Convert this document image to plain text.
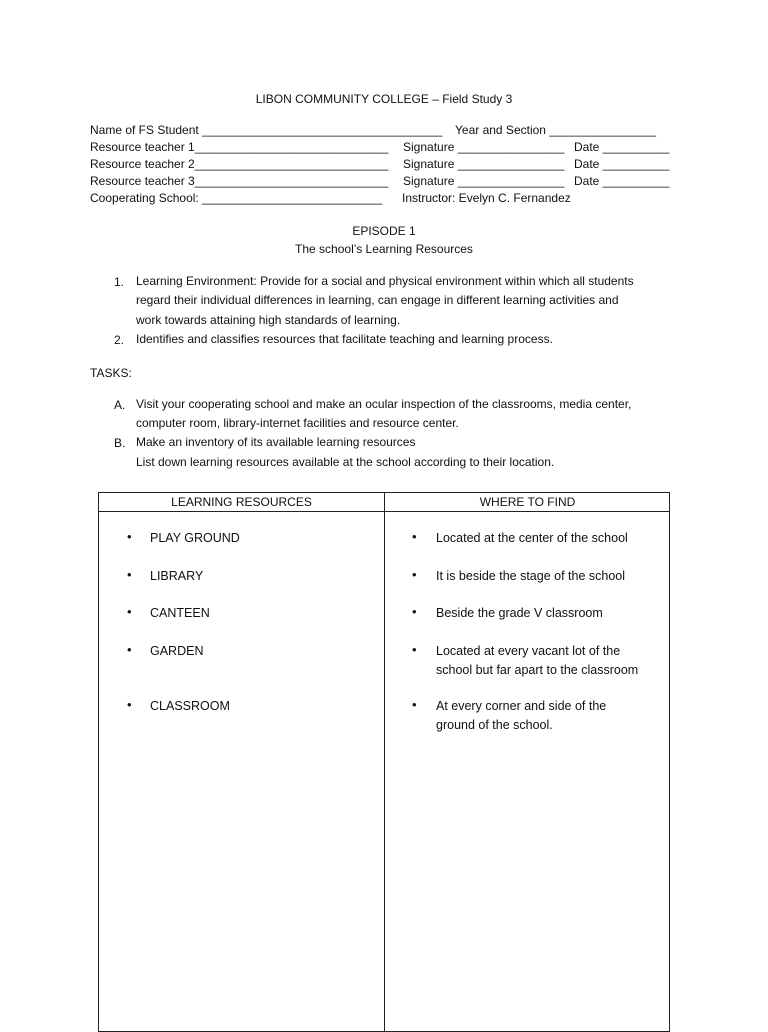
LIBON COMMUNITY COLLEGE – Field Study 3
Name of FS Student ____________________________________ Year and Section ________________
Resource teacher 1_____________________________ Signature ________________ Date __________
Resource teacher 2_____________________________ Signature ________________ Date __________
Resource teacher 3_____________________________ Signature ________________ Date __________
Cooperating School: ___________________________ Instructor: Evelyn C. Fernandez
EPISODE 1
The school’s Learning Resources
1. Learning Environment: Provide for a social and physical environment within which all students
regard their individual differences in learning, can engage in different learning activities and
work towards attaining high standards of learning.
2. Identifies and classifies resources that facilitate teaching and learning process.
TASKS:
A. Visit your cooperating school and make an ocular inspection of the classrooms, media center,
computer room, library-internet facilities and resource center.
B. Make an inventory of its available learning resources
List down learning resources available at the school according to their location.
LEARNING RESOURCES	WHERE TO FIND
• PLAY GROUND	• Located at the center of the school
• LIBRARY	• It is beside the stage of the school
• CANTEEN	• Beside the grade V classroom
• GARDEN	• Located at every vacant lot of the
school but far apart to the classroom
• CLASSROOM	• At every corner and side of the
ground of the school.
